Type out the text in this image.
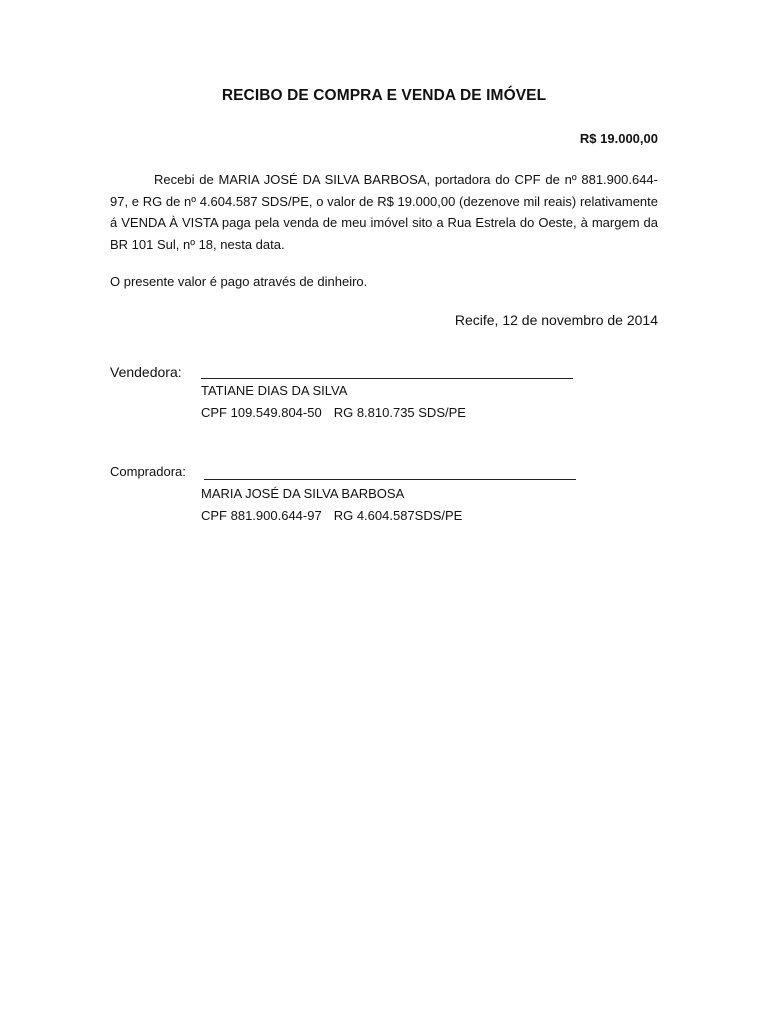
RECIBO DE COMPRA E VENDA DE IMÓVEL
R$ 19.000,00

Recebi de MARIA JOSÉ DA SILVA BARBOSA, portadora do CPF de nº 881.900.644-97, e RG de nº 4.604.587 SDS/PE, o valor de R$ 19.000,00 (dezenove mil reais) relativamente á VENDA À VISTA paga pela venda de meu imóvel sito a Rua Estrela do Oeste, à margem da BR 101 Sul, nº 18, nesta data.

O presente valor é pago através de dinheiro.
Recife, 12 de novembro de 2014
Vendedora:
TATIANE DIAS DA SILVA
CPF 109.549.804-50 RG 8.810.735 SDS/PE
Compradora:
MARIA JOSÉ DA SILVA BARBOSA
CPF 881.900.644-97 RG 4.604.587SDS/PE
